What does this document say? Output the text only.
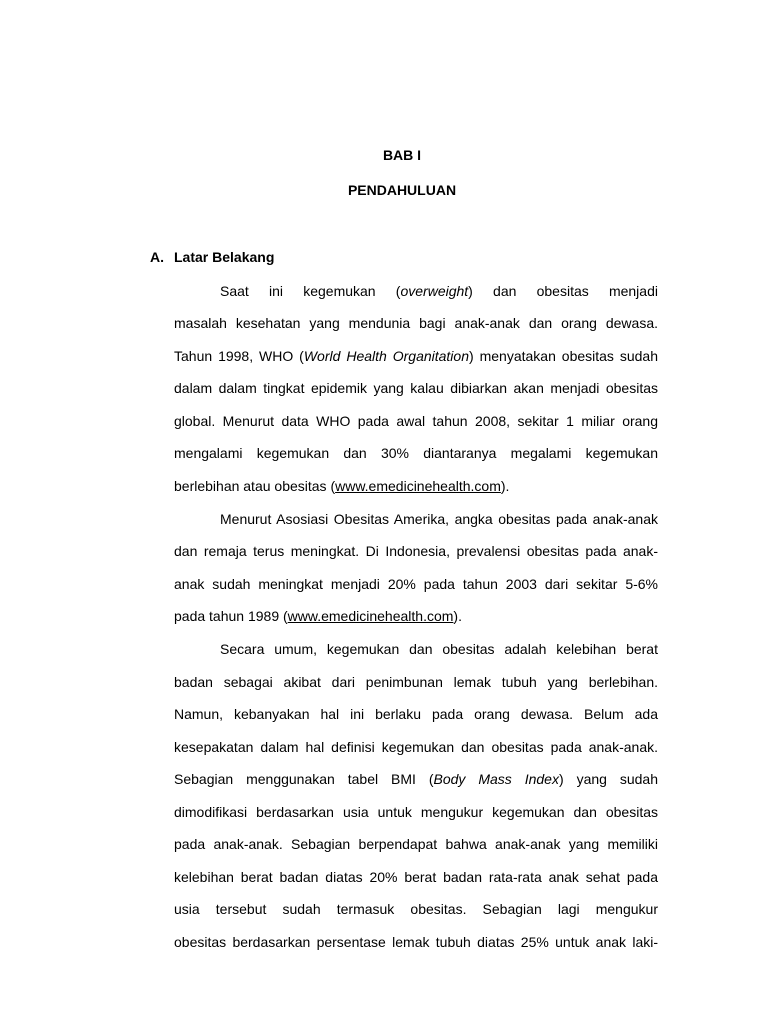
BAB I
PENDAHULUAN
A. Latar Belakang
Saat ini kegemukan (overweight) dan obesitas menjadi
masalah kesehatan yang mendunia bagi anak-anak dan orang dewasa.
Tahun 1998, WHO (World Health Organitation) menyatakan obesitas sudah
dalam dalam tingkat epidemik yang kalau dibiarkan akan menjadi obesitas
global. Menurut data WHO pada awal tahun 2008, sekitar 1 miliar orang
mengalami kegemukan dan 30% diantaranya megalami kegemukan
berlebihan atau obesitas (www.emedicinehealth.com).
Menurut Asosiasi Obesitas Amerika, angka obesitas pada anak-anak
dan remaja terus meningkat. Di Indonesia, prevalensi obesitas pada anak-
anak sudah meningkat menjadi 20% pada tahun 2003 dari sekitar 5-6%
pada tahun 1989 (www.emedicinehealth.com).
Secara umum, kegemukan dan obesitas adalah kelebihan berat
badan sebagai akibat dari penimbunan lemak tubuh yang berlebihan.
Namun, kebanyakan hal ini berlaku pada orang dewasa. Belum ada
kesepakatan dalam hal definisi kegemukan dan obesitas pada anak-anak.
Sebagian menggunakan tabel BMI (Body Mass Index) yang sudah
dimodifikasi berdasarkan usia untuk mengukur kegemukan dan obesitas
pada anak-anak. Sebagian berpendapat bahwa anak-anak yang memiliki
kelebihan berat badan diatas 20% berat badan rata-rata anak sehat pada
usia tersebut sudah termasuk obesitas. Sebagian lagi mengukur
obesitas berdasarkan persentase lemak tubuh diatas 25% untuk anak laki-
